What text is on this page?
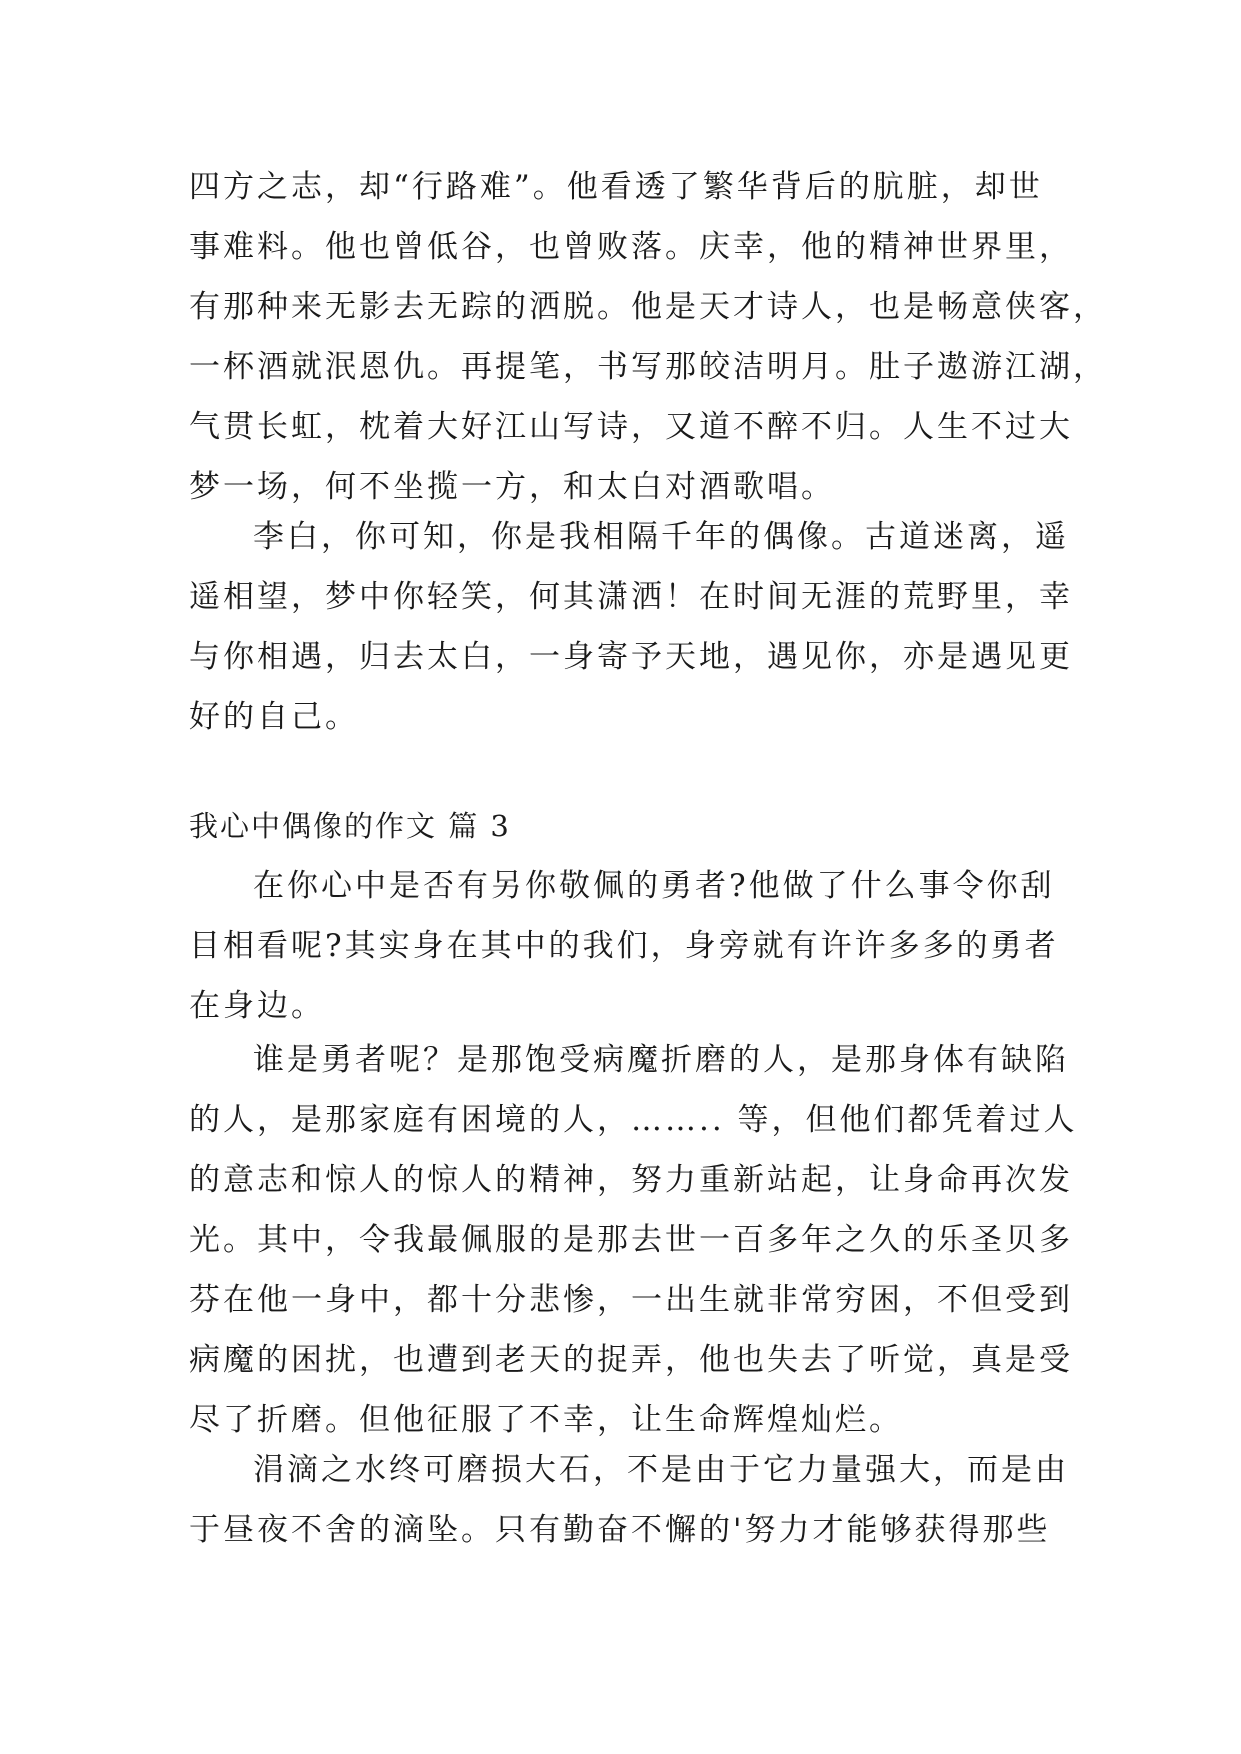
四方之志，却“行路难”。他看透了繁华背后的肮脏，却世
事难料。他也曾低谷，也曾败落。庆幸，他的精神世界里，
有那种来无影去无踪的洒脱。他是天才诗人，也是畅意侠客，
一杯酒就泯恩仇。再提笔，书写那皎洁明月。肚子遨游江湖，
气贯长虹，枕着大好江山写诗，又道不醉不归。人生不过大
梦一场，何不坐揽一方，和太白对酒歌唱。
李白，你可知，你是我相隔千年的偶像。古道迷离，遥
遥相望，梦中你轻笑，何其潇洒！在时间无涯的荒野里，幸
与你相遇，归去太白，一身寄予天地，遇见你，亦是遇见更
好的自己。
我心中偶像的作文 篇 3
在你心中是否有另你敬佩的勇者?他做了什么事令你刮
目相看呢?其实身在其中的我们，身旁就有许许多多的勇者
在身边。
谁是勇者呢？是那饱受病魔折磨的人，是那身体有缺陷
的人，是那家庭有困境的人，…….. 等，但他们都凭着过人
的意志和惊人的惊人的精神，努力重新站起，让身命再次发
光。其中，令我最佩服的是那去世一百多年之久的乐圣贝多
芬在他一身中，都十分悲惨，一出生就非常穷困，不但受到
病魔的困扰，也遭到老天的捉弄，他也失去了听觉，真是受
尽了折磨。但他征服了不幸，让生命辉煌灿烂。
涓滴之水终可磨损大石，不是由于它力量强大，而是由
于昼夜不舍的滴坠。只有勤奋不懈的'努力才能够获得那些
